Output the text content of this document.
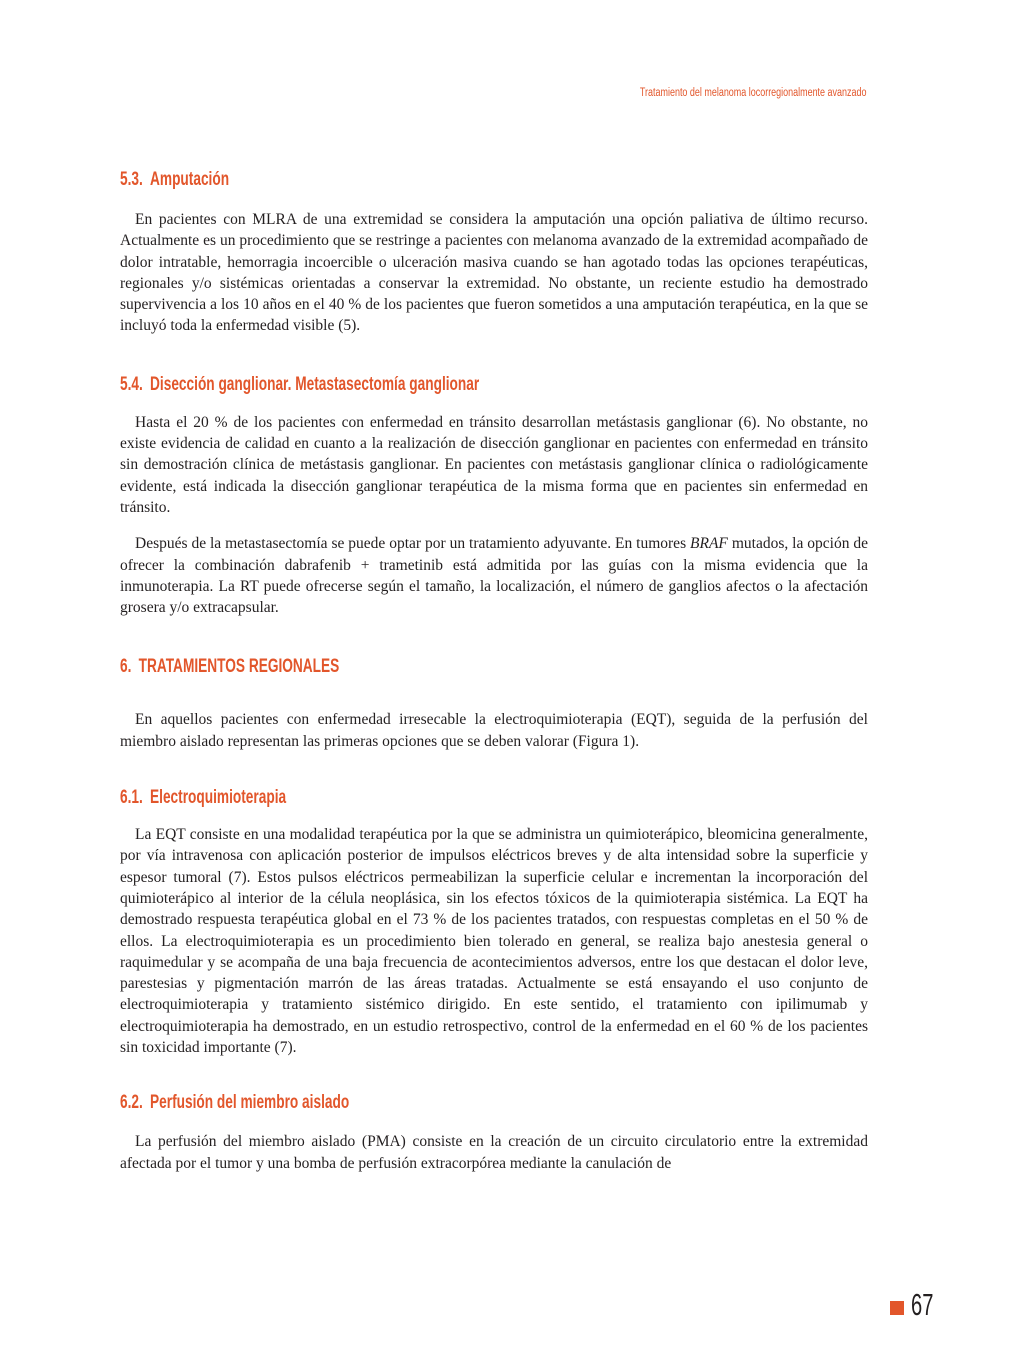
Tratamiento del melanoma locorregionalmente avanzado
5.3. Amputación

En pacientes con MLRA de una extremidad se considera la amputación una opción paliativa de último recurso. Actualmente es un procedimiento que se restringe a pacientes con melanoma avanzado de la extremidad acompañado de dolor intratable, hemorragia incoercible o ulceración masiva cuando se han agotado todas las opciones terapéuticas, regionales y/o sistémicas orientadas a conservar la extremidad. No obstante, un reciente estudio ha demostrado supervivencia a los 10 años en el 40 % de los pacientes que fueron sometidos a una amputación terapéutica, en la que se incluyó toda la enfermedad visible (5).

5.4. Disección ganglionar. Metastasectomía ganglionar

Hasta el 20 % de los pacientes con enfermedad en tránsito desarrollan metástasis ganglionar (6). No obstante, no existe evidencia de calidad en cuanto a la realización de disección ganglionar en pacientes con enfermedad en tránsito sin demostración clínica de metástasis ganglionar. En pacientes con metástasis ganglionar clínica o radiológicamente evidente, está indicada la disección ganglionar terapéutica de la misma forma que en pacientes sin enfermedad en tránsito.

Después de la metastasectomía se puede optar por un tratamiento adyuvante. En tumores BRAF mutados, la opción de ofrecer la combinación dabrafenib + trametinib está admitida por las guías con la misma evidencia que la inmunoterapia. La RT puede ofrecerse según el tamaño, la localización, el número de ganglios afectos o la afectación grosera y/o extracapsular.

6. TRATAMIENTOS REGIONALES

En aquellos pacientes con enfermedad irresecable la electroquimioterapia (EQT), seguida de la perfusión del miembro aislado representan las primeras opciones que se deben valorar (Figura 1).

6.1. Electroquimioterapia

La EQT consiste en una modalidad terapéutica por la que se administra un quimioterápico, bleomicina generalmente, por vía intravenosa con aplicación posterior de impulsos eléctricos breves y de alta intensidad sobre la superficie y espesor tumoral (7). Estos pulsos eléctricos permeabilizan la superficie celular e incrementan la incorporación del quimioterápico al interior de la célula neoplásica, sin los efectos tóxicos de la quimioterapia sistémica. La EQT ha demostrado respuesta terapéutica global en el 73 % de los pacientes tratados, con respuestas completas en el 50 % de ellos. La electroquimioterapia es un procedimiento bien tolerado en general, se realiza bajo anestesia general o raquimedular y se acompaña de una baja frecuencia de acontecimientos adversos, entre los que destacan el dolor leve, parestesias y pigmentación marrón de las áreas tratadas. Actualmente se está ensayando el uso conjunto de electroquimioterapia y tratamiento sistémico dirigido. En este sentido, el tratamiento con ipilimumab y electroquimioterapia ha demostrado, en un estudio retrospectivo, control de la enfermedad en el 60 % de los pacientes sin toxicidad importante (7).

6.2. Perfusión del miembro aislado

La perfusión del miembro aislado (PMA) consiste en la creación de un circuito circulatorio entre la extremidad afectada por el tumor y una bomba de perfusión extracorpórea mediante la canulación de

67
